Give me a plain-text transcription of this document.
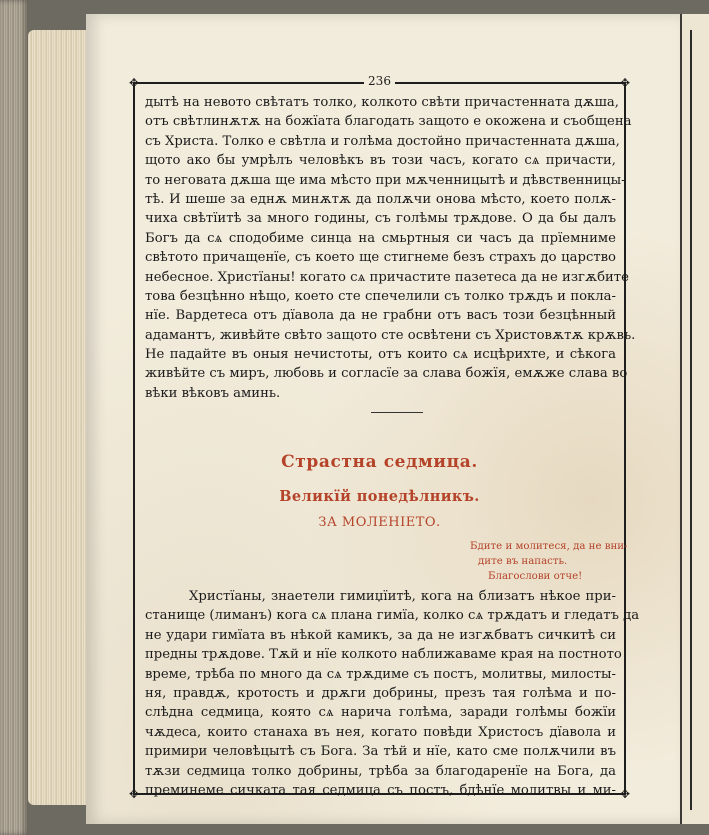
✥	✥
✥	✥
236
дытѣ на невото свѣтатъ толко, колкото свѣти причастенната дѫша,
отъ свѣтлинѫтѫ на божїата благодать защото е окожена и съобщена
съ Христа. Толко е свѣтла и голѣма достойно причастенната дѫша,
щото ако бы умрѣлъ человѣкъ въ този часъ, когато сѧ причасти,
то неговата дѫша ще има мѣсто при мѫченницытѣ и дѣвственницы-
тѣ. И шеше за еднѫ минѫтѫ да полѫчи онова мѣсто, което полѫ-
чиха свѣтїитѣ за много годины, съ голѣмы трѫдове. О да бы далъ
Богъ да сѧ сподобиме синца на смьртныя си часъ да прїемниме
свѣтото причащенїе, съ което ще стигнеме безъ страхъ до царство
небесное. Христїаны! когато сѧ причастите пазетеса да не изгѫбите
това безцѣнно нѣщо, което сте спечелили съ толко трѫдъ и покла-
нїе. Вардетеса отъ дїавола да не грабни отъ васъ този безцѣнный
адамантъ, живѣйте свѣто защото сте освѣтени съ Христовѫтѫ крѫвь.
Не падайте въ оныя нечистоты, отъ които сѧ исцѣрихте, и сѣкога
живѣйте съ миръ, любовь и согласїе за слава божїя, емѫже слава во
вѣки вѣковъ аминь.
Страстна седмица.
Великїй понедѣлникъ.
ЗА МОЛЕНIЕТО.
Бдите и молитеся, да не вни-
дите въ напасть.
Благослови отче!
Христїаны, знаетели гимиџїитѣ, кога на близатъ нѣкое при-
станище (лиманъ) кога сѧ плана гимїа, колко сѧ трѫдатъ и гледатъ да
не удари гимїата въ нѣкой камикъ, за да не изгѫбватъ сичкитѣ си
предны трѫдове. Тѫй и нїе колкото наближаваме края на постното
време, трѣба по много да сѧ трѫдиме съ постъ, молитвы, милосты-
ня, правдѫ, кротость и дрѫги добрины, презъ тая голѣма и по-
слѣдна седмица, която сѧ нарича голѣма, заради голѣмы божїи
чѫдеса, които станаха въ нея, когато повѣди Христосъ дїавола и
примири человѣцытѣ съ Бога. За тѣй и нїе, като сме полѫчили въ
тѫзи седмица толко добрины, трѣба за благодаренїе на Бога, да
преминеме сичката тая седмица съ постъ, бдѣнїе молитвы и ми-
